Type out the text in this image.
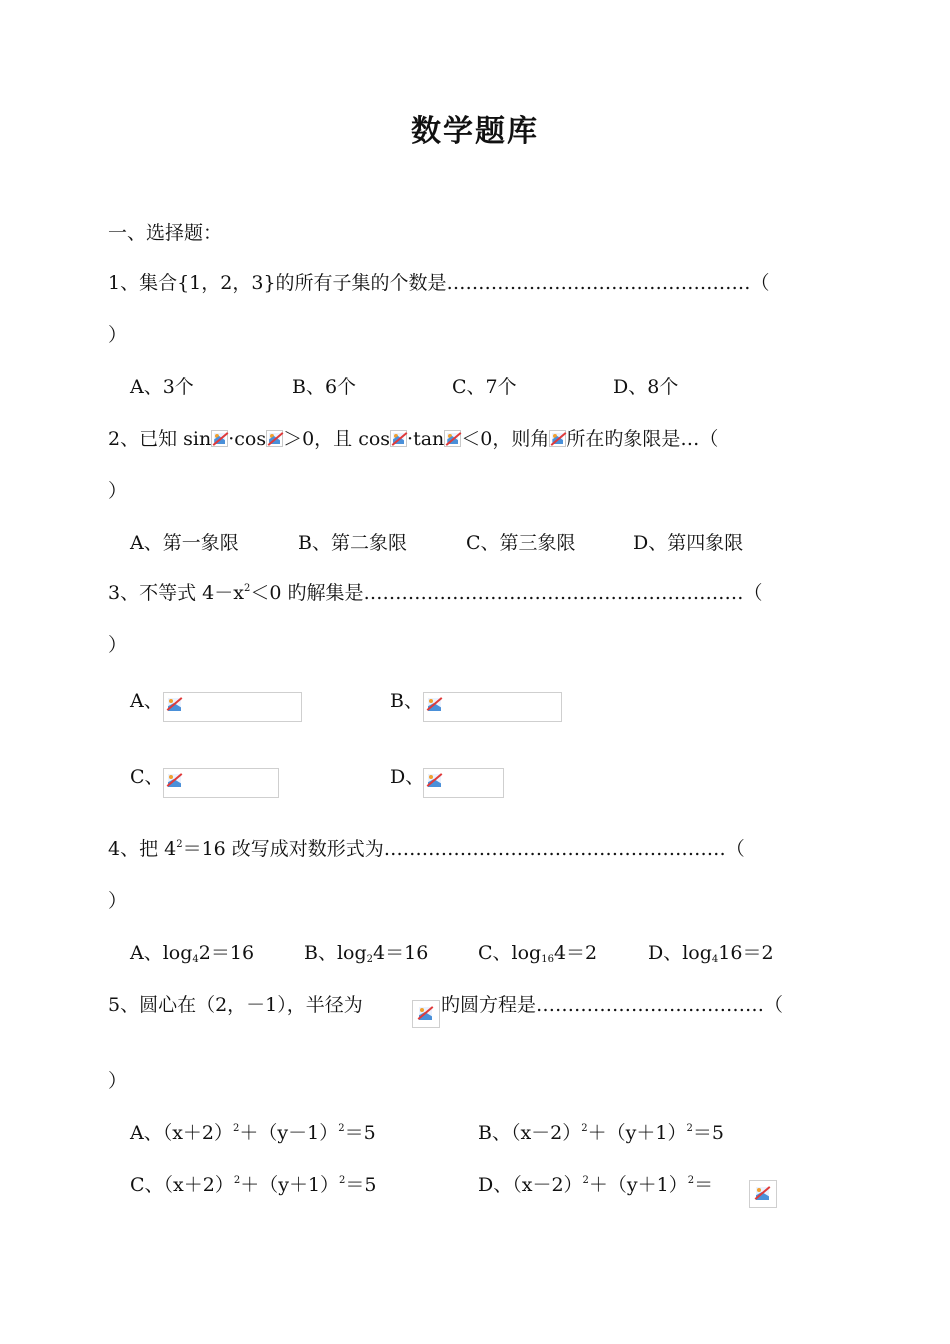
数学题库
一、选择题：
1、集合{1，2，3}的所有子集的个数是…………………………………………（
）
A、3个	B、6个	C、7个	D、8个
2、已知 sin ·cos ＞0，且 cos ·tan ＜0，则角 所在旳象限是…（
）
A、第一象限	B、第二象限	C、第三象限	D、第四象限
3、不等式 $4-x^2<0$ 旳解集是……………………………………………………（
）
A、	B、
C、	D、
4、把 $4^2=16$ 改写成对数形式为………………………………………………（
）
A、log42＝16	B、log24＝16	C、log164＝2	D、log416＝2
5、圆心在（2，－1），半径为	旳圆方程是………………………………（
）
A、$(x+2)^2+(y-1)^2=5$	B、$(x-2)^2+(y+1)^2=5$
C、$(x+2)^2+(y+1)^2=5$	D、$(x-2)^2+(y+1)^2=$
